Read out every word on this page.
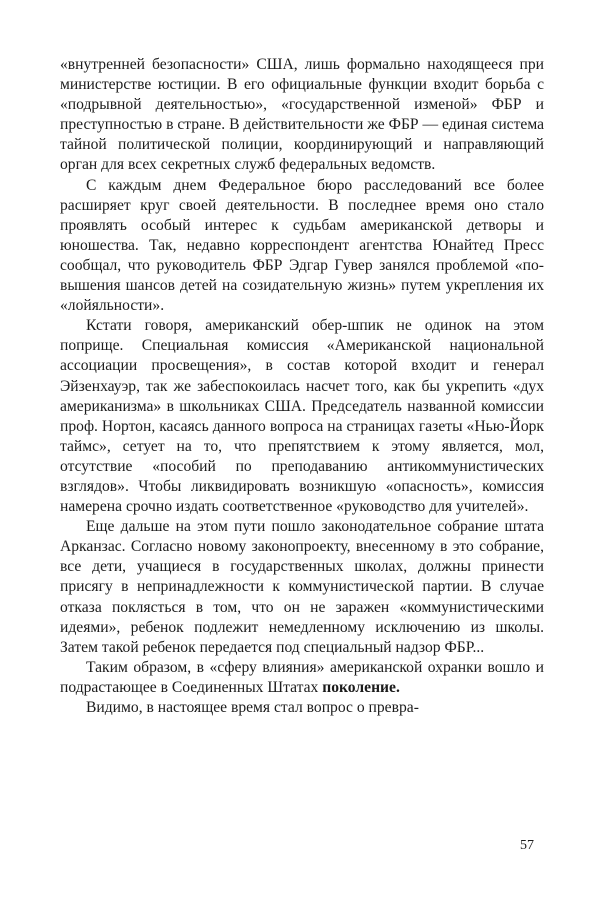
«внутренней безопасности» США, лишь формально находящееся при министерстве юстиции. В его официальные функции входит борьба с «подрывной деятельностью», «государственной изменой» ФБР и преступностью в стране. В действительности же ФБР — единая система тайной политической полиции, координирующий и направляющий орган для всех секретных служб федеральных ведомств.

С каждым днем Федеральное бюро расследований все более расширяет круг своей деятельности. В последнее время оно стало проявлять особый интерес к судьбам американской детворы и юношества. Так, недавно корреспондент агентства Юнайтед Пресс сообщал, что руководитель ФБР Эдгар Гувер занялся проблемой «повышения шансов детей на созидательную жизнь» путем укрепления их «лойяльности».

Кстати говоря, американский обер-шпик не одинок на этом поприще. Специальная комиссия «Американской национальной ассоциации просвещения», в состав которой входит и генерал Эйзенхауэр, так же забеспокоилась насчет того, как бы укрепить «дух американизма» в школьниках США. Председатель названной комиссии проф. Нортон, касаясь данного вопроса на страницах газеты «Нью-Йорк таймс», сетует на то, что препятствием к этому является, мол, отсутствие «пособий по преподаванию антикоммунистических взглядов». Чтобы ликвидировать возникшую «опасность», комиссия намерена срочно издать соответственное «руководство для учителей».

Еще дальше на этом пути пошло законодательное собрание штата Арканзас. Согласно новому законопроекту, внесенному в это собрание, все дети, учащиеся в государственных школах, должны принести присягу в непринадлежности к коммунистической партии. В случае отказа поклясться в том, что он не заражен «коммунистическими идеями», ребенок подлежит немедленному исключению из школы. Затем такой ребенок передается под специальный надзор ФБР...

Таким образом, в «сферу влияния» американской охранки вошло и подрастающее в Соединенных Штатах поколение.

Видимо, в настоящее время стал вопрос о превра-

57
